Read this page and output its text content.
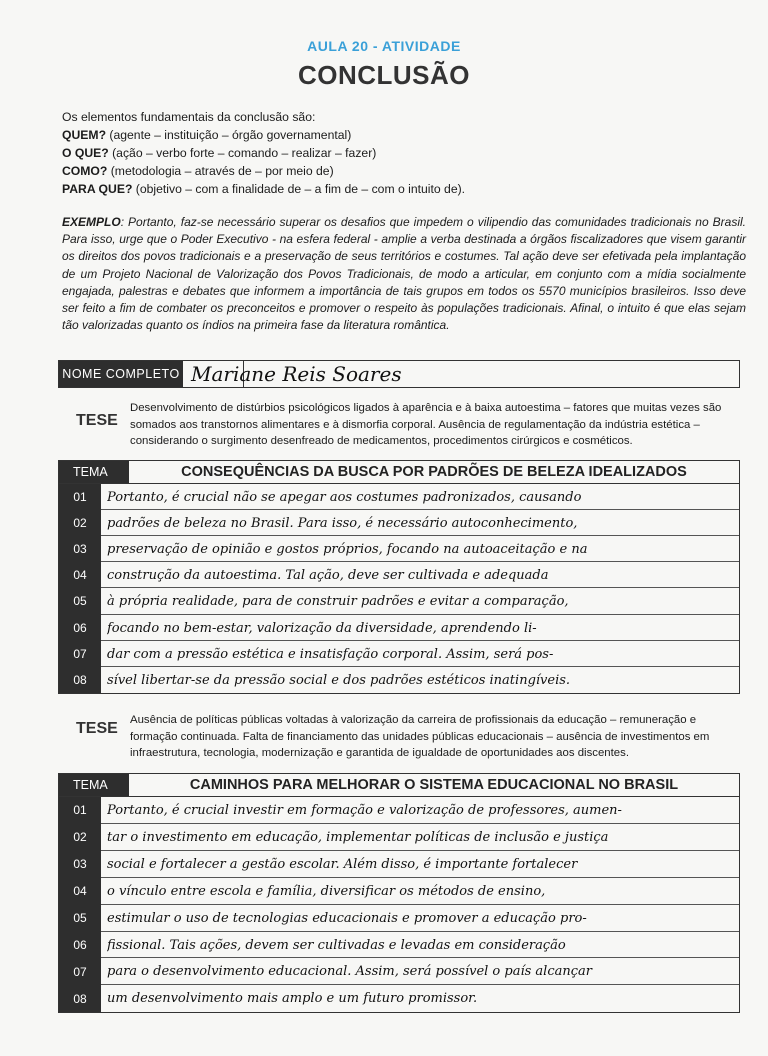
AULA 20 - ATIVIDADE
CONCLUSÃO
Os elementos fundamentais da conclusão são:
QUEM? (agente – instituição – órgão governamental)
O QUE? (ação – verbo forte – comando – realizar – fazer)
COMO? (metodologia – através de – por meio de)
PARA QUE? (objetivo – com a finalidade de – a fim de – com o intuito de).
EXEMPLO: Portanto, faz-se necessário superar os desafios que impedem o vilipendio das comunidades tradicionais no Brasil. Para isso, urge que o Poder Executivo - na esfera federal - amplie a verba destinada a órgãos fiscalizadores que visem garantir os direitos dos povos tradicionais e a preservação de seus territórios e costumes. Tal ação deve ser efetivada pela implantação de um Projeto Nacional de Valorização dos Povos Tradicionais, de modo a articular, em conjunto com a mídia socialmente engajada, palestras e debates que informem a importância de tais grupos em todos os 5570 municípios brasileiros. Isso deve ser feito a fim de combater os preconceitos e promover o respeito às populações tradicionais. Afinal, o intuito é que elas sejam tão valorizadas quanto os índios na primeira fase da literatura romântica.
NOME COMPLETO Mariane Reis Soares
TESE
Desenvolvimento de distúrbios psicológicos ligados à aparência e à baixa autoestima – fatores que muitas vezes são somados aos transtornos alimentares e à dismorfia corporal. Ausência de regulamentação da indústria estética – considerando o surgimento desenfreado de medicamentos, procedimentos cirúrgicos e cosméticos.
TEMA	CONSEQUÊNCIAS DA BUSCA POR PADRÕES DE BELEZA IDEALIZADOS
01
02
03
04
05
06
07
08
Portanto, é crucial não se apegar aos costumes padronizados, causando
padrões de beleza no Brasil. Para isso, é necessário autoconhecimento,
preservação de opinião e gostos próprios, focando na autoaceitação e na
construção da autoestima. Tal ação, deve ser cultivada e adequada
à própria realidade, para de construir padrões e evitar a comparação,
focando no bem-estar, valorização da diversidade, aprendendo li-
dar com a pressão estética e insatisfação corporal. Assim, será pos-
sível libertar-se da pressão social e dos padrões estéticos inatingíveis.
TESE Ausência de políticas públicas voltadas à valorização da carreira de profissionais da educação – remuneração e formação continuada. Falta de financiamento das unidades públicas educacionais – ausência de investimentos em infraestrutura, tecnologia, modernização e garantida de igualdade de oportunidades aos discentes.
TEMA	CAMINHOS PARA MELHORAR O SISTEMA EDUCACIONAL NO BRASIL
01
02
03
04
05
06
07
08
Portanto, é crucial investir em formação e valorização de professores, aumen-
tar o investimento em educação, implementar políticas de inclusão e justiça
social e fortalecer a gestão escolar. Além disso, é importante fortalecer
o vínculo entre escola e família, diversificar os métodos de ensino,
estimular o uso de tecnologias educacionais e promover a educação pro-
fissional. Tais ações, devem ser cultivadas e levadas em consideração
para o desenvolvimento educacional. Assim, será possível o país alcançar
um desenvolvimento mais amplo e um futuro promissor.
